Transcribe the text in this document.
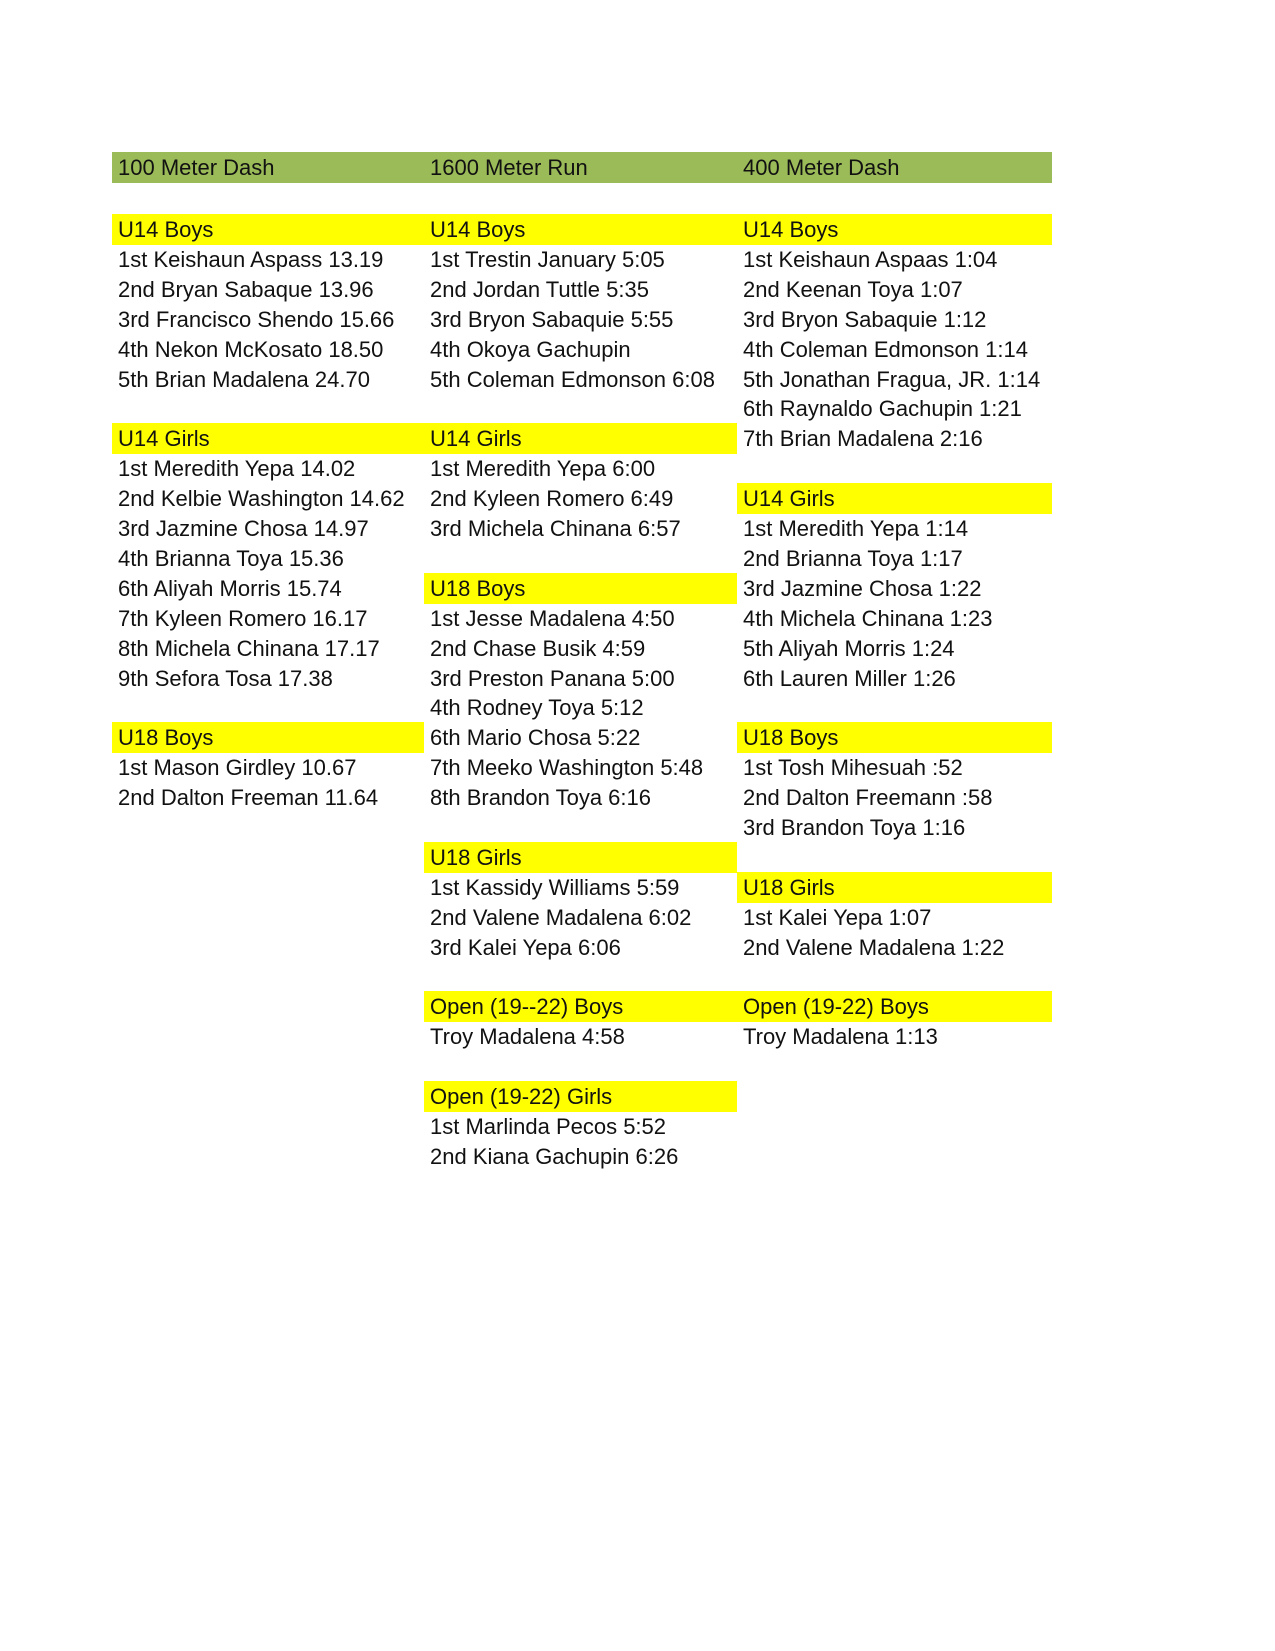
100 Meter Dash	1600 Meter Run	400 Meter Dash
U14 Boys
1st Keishaun Aspass 13.19
2nd Bryan Sabaque 13.96
3rd Francisco Shendo 15.66
4th Nekon McKosato 18.50
5th Brian Madalena 24.70
U14 Girls
1st Meredith Yepa 14.02
2nd Kelbie Washington 14.62
3rd Jazmine Chosa 14.97
4th Brianna Toya 15.36
6th Aliyah Morris 15.74
7th Kyleen Romero 16.17
8th Michela Chinana 17.17
9th Sefora Tosa 17.38
U18 Boys
1st Mason Girdley 10.67
2nd Dalton Freeman 11.64
U14 Boys
1st Trestin January 5:05
2nd Jordan Tuttle 5:35
3rd Bryon Sabaquie 5:55
4th Okoya Gachupin
5th Coleman Edmonson 6:08
U14 Girls
1st Meredith Yepa 6:00
2nd Kyleen Romero 6:49
3rd Michela Chinana 6:57
U18 Boys
1st Jesse Madalena 4:50
2nd Chase Busik 4:59
3rd Preston Panana 5:00
4th Rodney Toya 5:12
6th Mario Chosa 5:22
7th Meeko Washington 5:48
8th Brandon Toya 6:16
U18 Girls
1st Kassidy Williams 5:59
2nd Valene Madalena 6:02
3rd Kalei Yepa 6:06
Open (19--22) Boys
Troy Madalena 4:58
Open (19-22) Girls
1st Marlinda Pecos 5:52
2nd Kiana Gachupin 6:26
U14 Boys
1st Keishaun Aspaas 1:04
2nd Keenan Toya 1:07
3rd Bryon Sabaquie 1:12
4th Coleman Edmonson 1:14
5th Jonathan Fragua, JR. 1:14
6th Raynaldo Gachupin 1:21
7th Brian Madalena 2:16
U14 Girls
1st Meredith Yepa 1:14
2nd Brianna Toya 1:17
3rd Jazmine Chosa 1:22
4th Michela Chinana 1:23
5th Aliyah Morris 1:24
6th Lauren Miller 1:26
U18 Boys
1st Tosh Mihesuah :52
2nd Dalton Freemann :58
3rd Brandon Toya 1:16
U18 Girls
1st Kalei Yepa 1:07
2nd Valene Madalena 1:22
Open (19-22) Boys
Troy Madalena 1:13
